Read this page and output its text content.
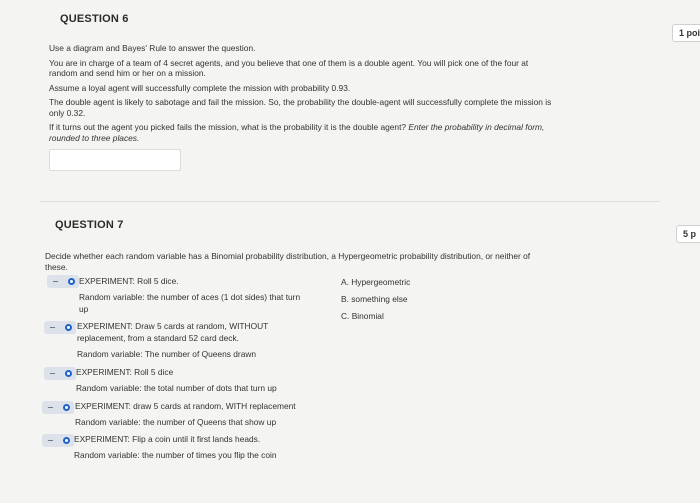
QUESTION 6
1 poi

Use a diagram and Bayes' Rule to answer the question.

You are in charge of a team of 4 secret agents, and you believe that one of them is a double agent. You will pick one of the four at

random and send him or her on a mission.

Assume a loyal agent will successfully complete the mission with probability 0.93.

The double agent is likely to sabotage and fail the mission. So, the probability the double-agent will successfully complete the mission is

only 0.32.

If it turns out the agent you picked fails the mission, what is the probability it is the double agent? Enter the probability in decimal form,

rounded to three places.

QUESTION 7
5 p

Decide whether each random variable has a Binomial probability distribution, a Hypergeometric probability distribution, or neither of

these.

EXPERIMENT: Roll 5 dice.
Random variable: the number of aces (1 dot sides) that turn
up
A. Hypergeometric
B. something else
C. Binomial
EXPERIMENT: Draw 5 cards at random, WITHOUT
replacement, from a standard 52 card deck.
Random variable: The number of Queens drawn
EXPERIMENT: Roll 5 dice
Random variable: the total number of dots that turn up
EXPERIMENT: draw 5 cards at random, WITH replacement
Random variable: the number of Queens that show up
EXPERIMENT: Flip a coin until it first lands heads.
Random variable: the number of times you flip the coin
